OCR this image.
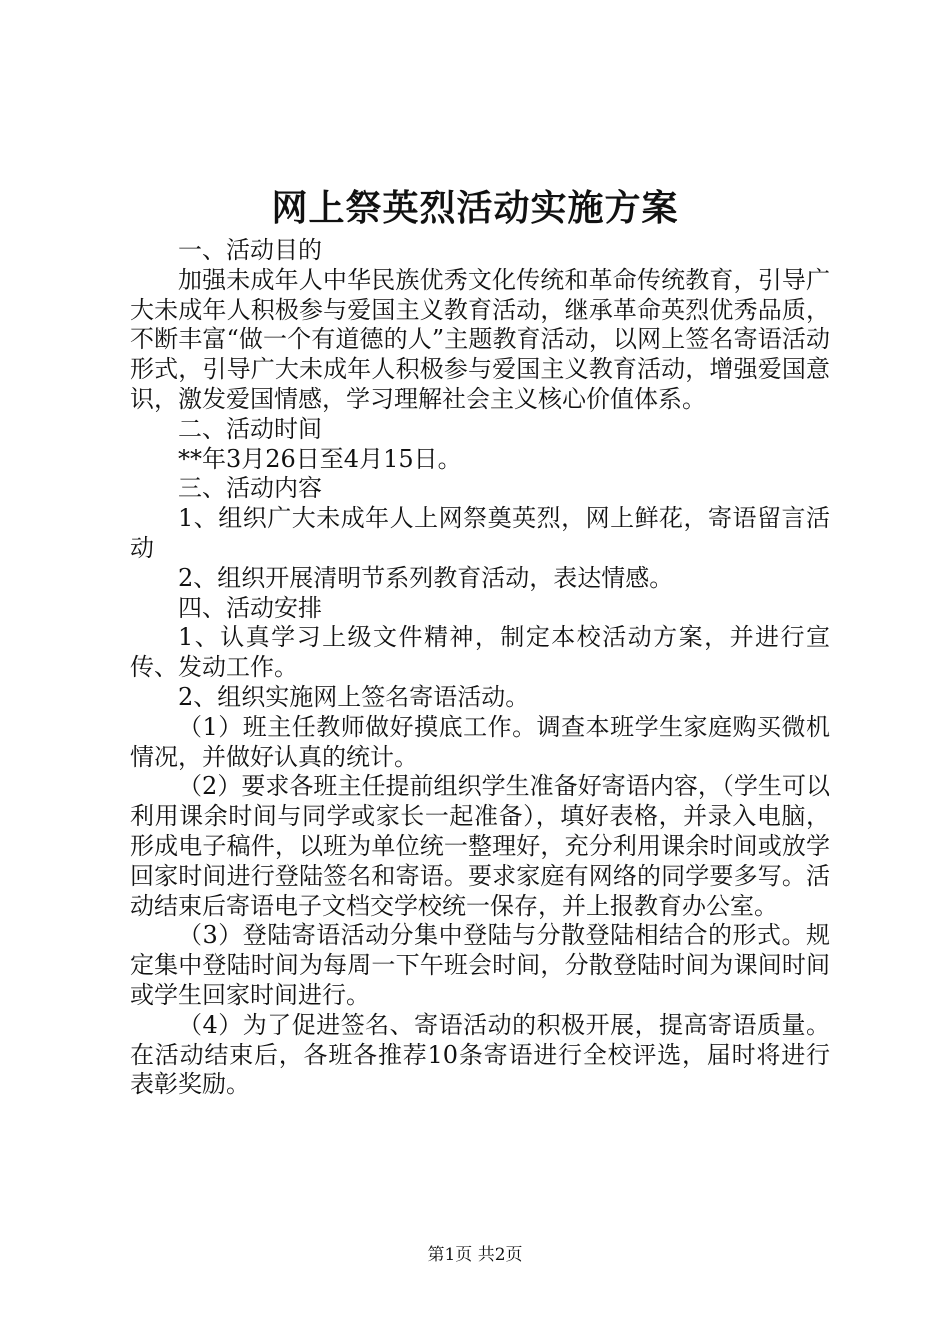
网上祭英烈活动实施方案

一、活动目的

加强未成年人中华民族优秀文化传统和革命传统教育，引导广大未成年人积极参与爱国主义教育活动，继承革命英烈优秀品质，不断丰富“做一个有道德的人”主题教育活动，以网上签名寄语活动形式，引导广大未成年人积极参与爱国主义教育活动，增强爱国意识，激发爱国情感，学习理解社会主义核心价值体系。

二、活动时间

**年3月26日至4月15日。

三、活动内容

1、组织广大未成年人上网祭奠英烈，网上鲜花，寄语留言活动

2、组织开展清明节系列教育活动，表达情感。

四、活动安排

1、认真学习上级文件精神，制定本校活动方案，并进行宣传、发动工作。

2、组织实施网上签名寄语活动。

（1）班主任教师做好摸底工作。调查本班学生家庭购买微机情况，并做好认真的统计。

（2）要求各班主任提前组织学生准备好寄语内容，（学生可以利用课余时间与同学或家长一起准备），填好表格，并录入电脑，形成电子稿件，以班为单位统一整理好，充分利用课余时间或放学回家时间进行登陆签名和寄语。要求家庭有网络的同学要多写。活动结束后寄语电子文档交学校统一保存，并上报教育办公室。

（3）登陆寄语活动分集中登陆与分散登陆相结合的形式。规定集中登陆时间为每周一下午班会时间，分散登陆时间为课间时间或学生回家时间进行。

（4）为了促进签名、寄语活动的积极开展，提高寄语质量。在活动结束后，各班各推荐10条寄语进行全校评选，届时将进行表彰奖励。

第1页 共2页
